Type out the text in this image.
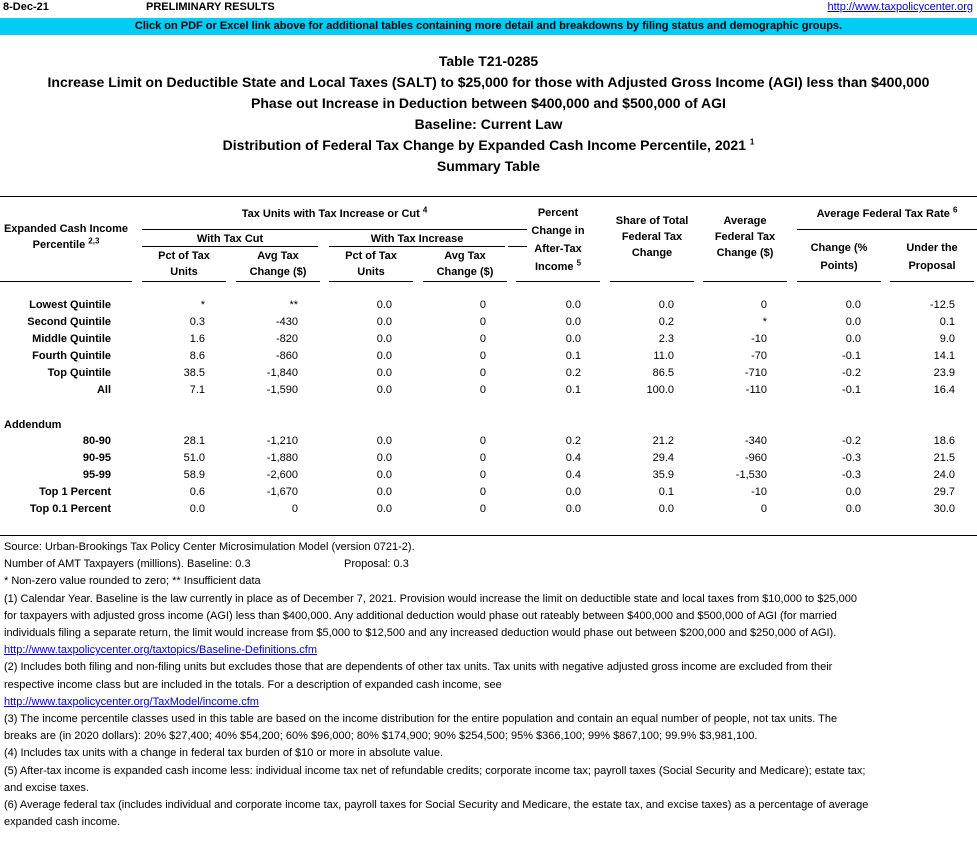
8-Dec-21	PRELIMINARY RESULTS	http://www.taxpolicycenter.org
Click on PDF or Excel link above for additional tables containing more detail and breakdowns by filing status and demographic groups.
Table T21-0285
Increase Limit on Deductible State and Local Taxes (SALT) to $25,000 for those with Adjusted Gross Income (AGI) less than $400,000
Phase out Increase in Deduction between $400,000 and $500,000 of AGI
Baseline: Current Law
Distribution of Federal Tax Change by Expanded Cash Income Percentile, 2021 $^1$
Summary Table
Expanded Cash Income
Percentile $^{2,3}$
Tax Units with Tax Increase or Cut $^4$
With Tax Cut	With Tax Increase
Pct of Tax
Units
Avg Tax
Change ($)
Pct of Tax
Units
Avg Tax
Change ($)
Percent
Change in
After-Tax
Income $^5$
Share of Total
Federal Tax
Change
Average
Federal Tax
Change ($)
Average Federal Tax Rate $^6$
Change (%
Points)
Under the
Proposal
Lowest Quintile	*	**	0.0	0	0.0	0.0	0	0.0	-12.5
Second Quintile	0.3	-430	0.0	0	0.0	0.2	*	0.0	0.1
Middle Quintile	1.6	-820	0.0	0	0.0	2.3	-10	0.0	9.0
Fourth Quintile	8.6	-860	0.0	0	0.1	11.0	-70	-0.1	14.1
Top Quintile	38.5	-1,840	0.0	0	0.2	86.5	-710	-0.2	23.9
All	7.1	-1,590	0.0	0	0.1	100.0	-110	-0.1	16.4
Addendum
80-90	28.1	-1,210	0.0	0	0.2	21.2	-340	-0.2	18.6
90-95	51.0	-1,880	0.0	0	0.4	29.4	-960	-0.3	21.5
95-99	58.9	-2,600	0.0	0	0.4	35.9	-1,530	-0.3	24.0
Top 1 Percent	0.6	-1,670	0.0	0	0.0	0.1	-10	0.0	29.7
Top 0.1 Percent	0.0	0	0.0	0	0.0	0.0	0	0.0	30.0
Source: Urban-Brookings Tax Policy Center Microsimulation Model (version 0721-2).
Number of AMT Taxpayers (millions). Baseline: 0.3	Proposal: 0.3
* Non-zero value rounded to zero; ** Insufficient data
(1) Calendar Year. Baseline is the law currently in place as of December 7, 2021. Provision would increase the limit on deductible state and local taxes from $10,000 to $25,000
for taxpayers with adjusted gross income (AGI) less than $400,000. Any additional deduction would phase out rateably between $400,000 and $500,000 of AGI (for married
individuals filing a separate return, the limit would increase from $5,000 to $12,500 and any increased deduction would phase out between $200,000 and $250,000 of AGI).
http://www.taxpolicycenter.org/taxtopics/Baseline-Definitions.cfm
(2) Includes both filing and non-filing units but excludes those that are dependents of other tax units. Tax units with negative adjusted gross income are excluded from their
respective income class but are included in the totals. For a description of expanded cash income, see
http://www.taxpolicycenter.org/TaxModel/income.cfm
(3) The income percentile classes used in this table are based on the income distribution for the entire population and contain an equal number of people, not tax units. The
breaks are (in 2020 dollars): 20% $27,400; 40% $54,200; 60% $96,000; 80% $174,900; 90% $254,500; 95% $366,100; 99% $867,100; 99.9% $3,981,100.
(4) Includes tax units with a change in federal tax burden of $10 or more in absolute value.
(5) After-tax income is expanded cash income less: individual income tax net of refundable credits; corporate income tax; payroll taxes (Social Security and Medicare); estate tax;
and excise taxes.
(6) Average federal tax (includes individual and corporate income tax, payroll taxes for Social Security and Medicare, the estate tax, and excise taxes) as a percentage of average
expanded cash income.
